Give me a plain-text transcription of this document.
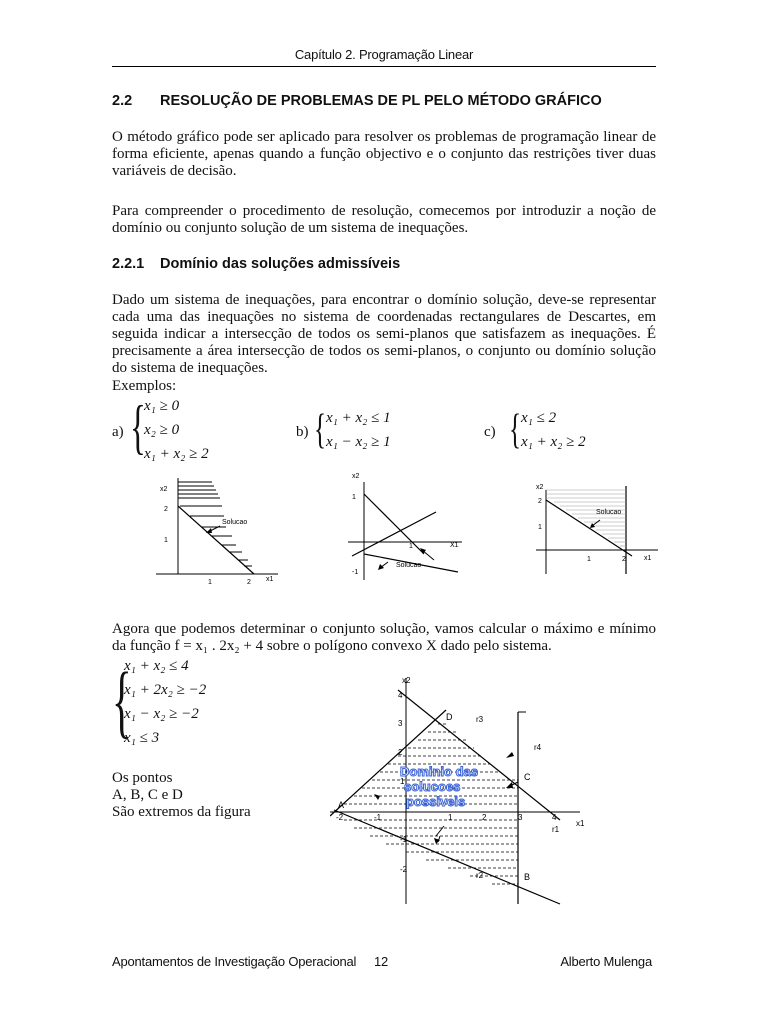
Capítulo 2. Programação Linear
2.2 RESOLUÇÃO DE PROBLEMAS DE PL PELO MÉTODO GRÁFICO
O método gráfico pode ser aplicado para resolver os problemas de programação linear de
forma eficiente, apenas quando a função objectivo e o conjunto das restrições tiver duas
variáveis de decisão.
Para compreender o procedimento de resolução, comecemos por introduzir a noção de
domínio ou conjunto solução de um sistema de inequações.
2.2.1 Domínio das soluções admissíveis
Dado um sistema de inequações, para encontrar o domínio solução, deve-se representar
cada uma das inequações no sistema de coordenadas rectangulares de Descartes, em
seguida indicar a intersecção de todos os semi-planos que satisfazem as inequações. É
precisamente a área intersecção de todos os semi-planos, o conjunto ou domínio solução
do sistema de inequações.
Exemplos:
a) {
x₁ ≥ 0
x₂ ≥ 0
x₁ + x₂ ≥ 2
b) { x₁ + x₂ ≤ 1
x₁ − x₂ ≥ 1
c) { x₁ ≤ 2
x₁ + x₂ ≥ 2
x2
2
1
1	2 x1
Solucao
x2
1
-1
1	X1
Solucao
x2
2
1
1	2	x1
Solucao
Agora que podemos determinar o conjunto solução, vamos calcular o máximo e mínimo
da função f = x₁ . 2x₂ + 4 sobre o polígono convexo X dado pelo sistema.
{
x₁ + x₂ ≤ 4
x₁ + 2x₂ ≥ −2
x₁ − x₂ ≥ −2
x₁ ≤ 3
Os pontos
A, B, C e D
São extremos da figura
x2
4
3
2
1
-1
-2
-2	-1	1	2	3	4
x1
A
B
C
D
r1
r2
r3
r4
Dominio das
solucoes
possiveis
Apontamentos de Investigação Operacional 12	Alberto Mulenga
